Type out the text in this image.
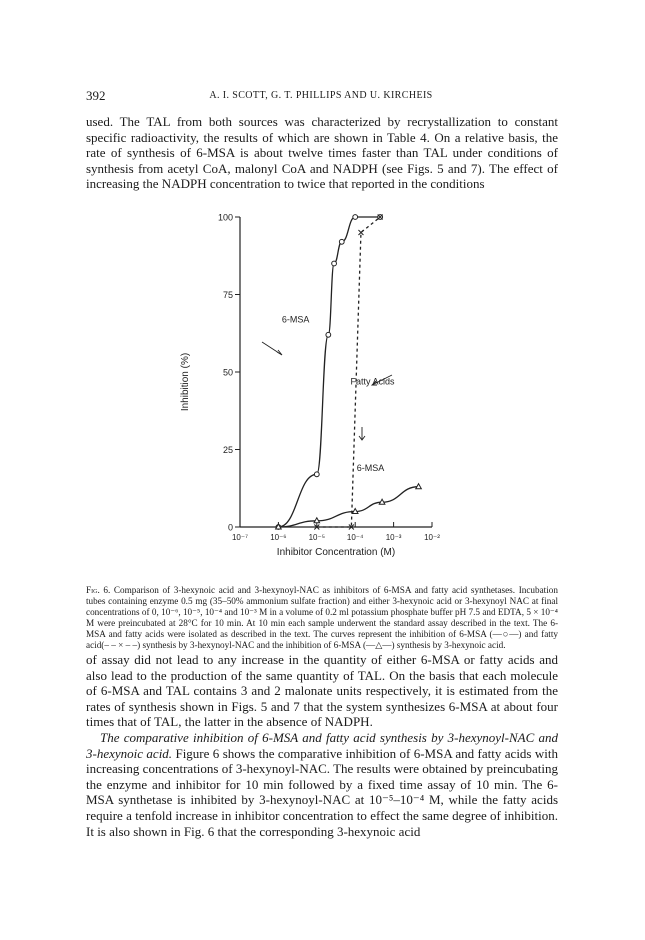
392	A. I. SCOTT, G. T. PHILLIPS AND U. KIRCHEIS

used. The TAL from both sources was characterized by recrystallization to constant specific radioactivity, the results of which are shown in Table 4. On a relative basis, the rate of synthesis of 6-MSA is about twelve times faster than TAL under conditions of synthesis from acetyl CoA, malonyl CoA and NADPH (see Figs. 5 and 7). The effect of increasing the NADPH concentration to twice that reported in the conditions

0
25
50
75
100
10⁻⁷	10⁻⁶	10⁻⁵	10⁻⁴	10⁻³	10⁻²
Inhibitor Concentration (M)
Inhibition (%)
6-MSA
Fatty Acids
6-MSA

Fig. 6. Comparison of 3-hexynoic acid and 3-hexynoyl-NAC as inhibitors of 6-MSA and fatty acid synthetases. Incubation tubes containing enzyme 0.5 mg (35–50% ammonium sulfate fraction) and either 3-hexynoic acid or 3-hexynoyl NAC at final concentrations of 0, 10⁻⁶, 10⁻⁵, 10⁻⁴ and 10⁻³ M in a volume of 0.2 ml potassium phosphate buffer pH 7.5 and EDTA, 5 × 10⁻⁴ M were preincubated at 28°C for 10 min. At 10 min each sample underwent the standard assay described in the text. The 6-MSA and fatty acids were isolated as described in the text. The curves represent the inhibition of 6-MSA (—○—) and fatty acid(– – × – –) synthesis by 3-hexynoyl-NAC and the inhibition of 6-MSA (—△—) synthesis by 3-hexynoic acid.

of assay did not lead to any increase in the quantity of either 6-MSA or fatty acids and also lead to the production of the same quantity of TAL. On the basis that each molecule of 6-MSA and TAL contains 3 and 2 malonate units respectively, it is estimated from the rates of synthesis shown in Figs. 5 and 7 that the system synthesizes 6-MSA at about four times that of TAL, the latter in the absence of NADPH.

The comparative inhibition of 6-MSA and fatty acid synthesis by 3-hexynoyl-NAC and 3-hexynoic acid. Figure 6 shows the comparative inhibition of 6-MSA and fatty acids with increasing concentrations of 3-hexynoyl-NAC. The results were obtained by preincubating the enzyme and inhibitor for 10 min followed by a fixed time assay of 10 min. The 6-MSA synthetase is inhibited by 3-hexynoyl-NAC at 10⁻⁵–10⁻⁴ M, while the fatty acids require a tenfold increase in inhibitor concentration to effect the same degree of inhibition. It is also shown in Fig. 6 that the corresponding 3-hexynoic acid
